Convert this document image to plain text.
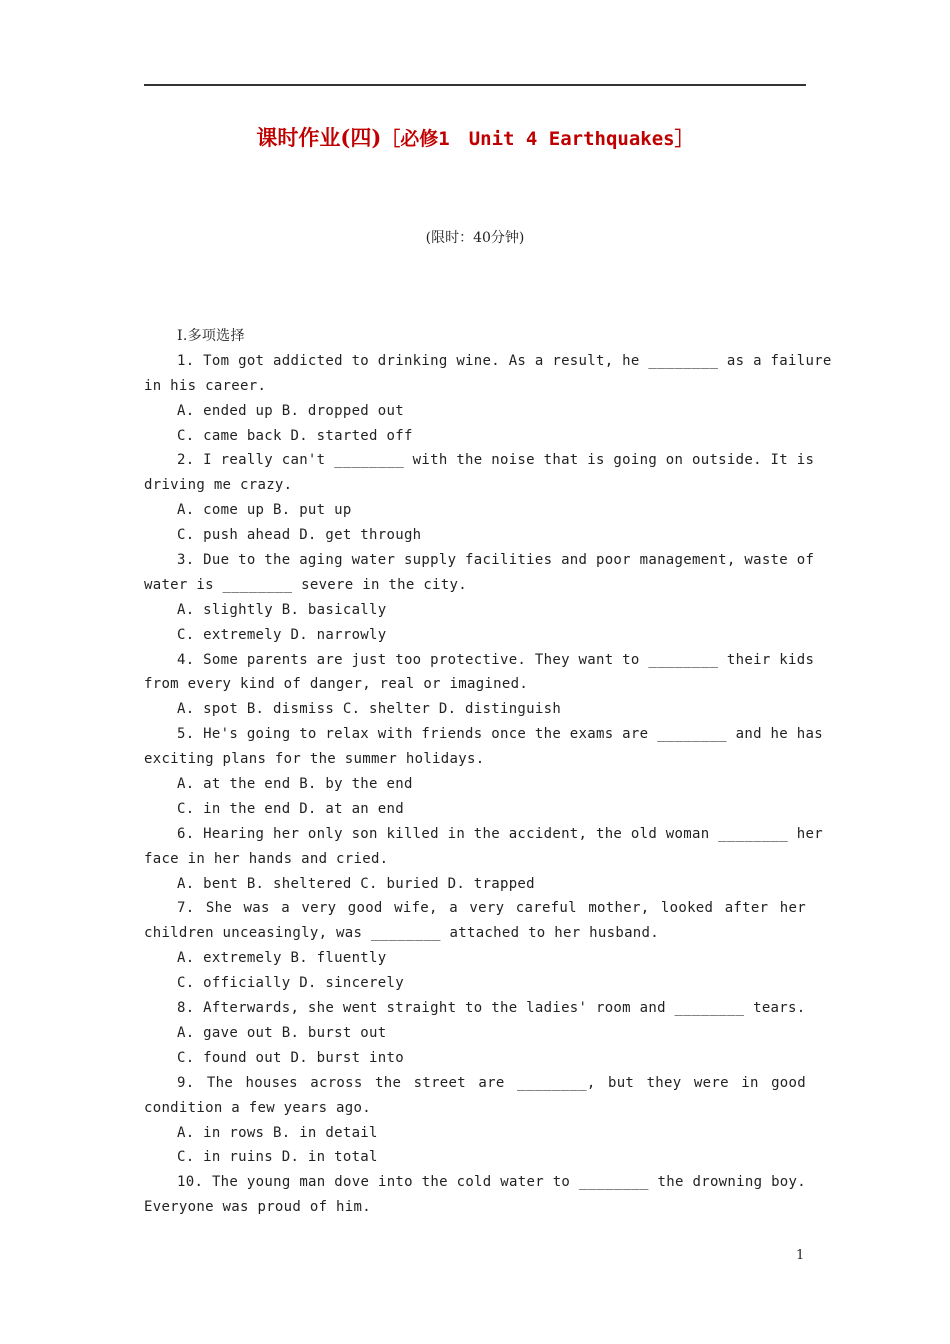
课时作业(四)［必修1　Unit 4 Earthquakes］
(限时：40分钟)
Ⅰ.多项选择
1. Tom got addicted to drinking wine. As a result, he ________ as a failure
in his career.
A. ended up B. dropped out
C. came back D. started off
2. I really can't ________ with the noise that is going on outside. It is
driving me crazy.
A. come up B. put up
C. push ahead D. get through
3. Due to the aging water supply facilities and poor management, waste of
water is ________ severe in the city.
A. slightly B. basically
C. extremely D. narrowly
4. Some parents are just too protective. They want to ________ their kids
from every kind of danger, real or imagined.
A. spot B. dismiss C. shelter D. distinguish
5. He's going to relax with friends once the exams are ________ and he has
exciting plans for the summer holidays.
A. at the end B. by the end
C. in the end D. at an end
6. Hearing her only son killed in the accident, the old woman ________ her
face in her hands and cried.
A. bent B. sheltered C. buried D. trapped
7. She was a very good wife, a very careful mother, looked after her
children unceasingly, was ________ attached to her husband.
A. extremely B. fluently
C. officially D. sincerely
8. Afterwards, she went straight to the ladies' room and ________ tears.
A. gave out B. burst out
C. found out D. burst into
9. The houses across the street are ________, but they were in good
condition a few years ago.
A. in rows B. in detail
C. in ruins D. in total
10. The young man dove into the cold water to ________ the drowning boy.
Everyone was proud of him.
1
